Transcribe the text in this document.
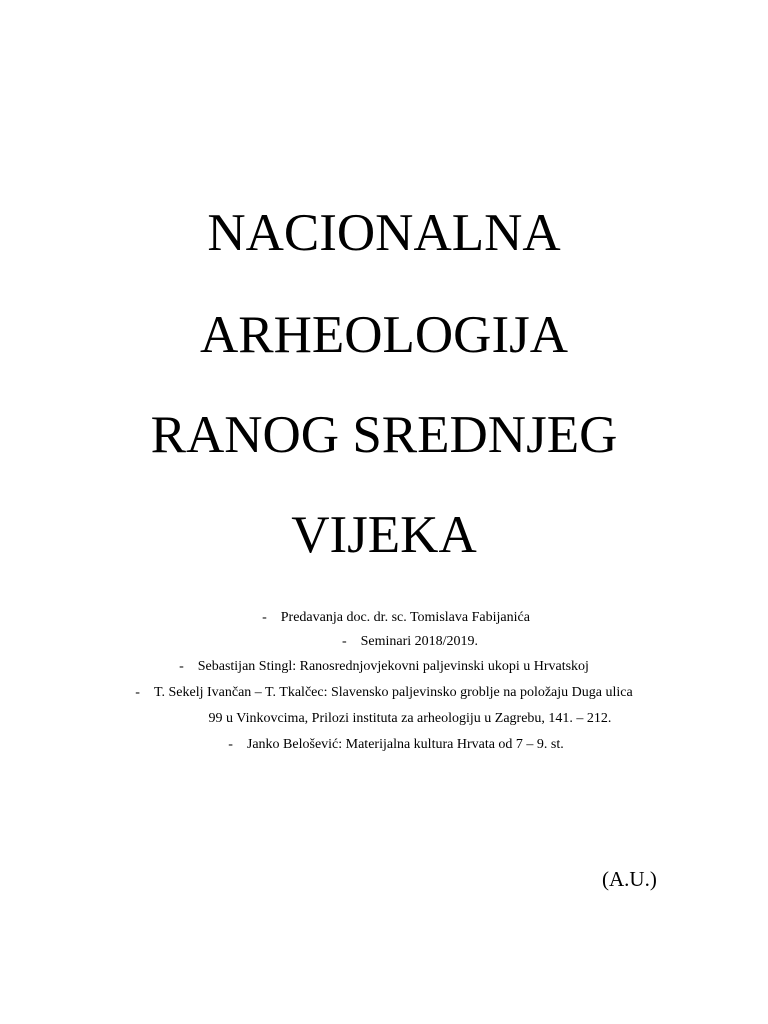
NACIONALNA
ARHEOLOGIJA
RANOG SREDNJEG
VIJEKA
- Predavanja doc. dr. sc. Tomislava Fabijanića
- Seminari 2018/2019.
- Sebastijan Stingl: Ranosrednjovjekovni paljevinski ukopi u Hrvatskoj
- T. Sekelj Ivančan – T. Tkalčec: Slavensko paljevinsko groblje na položaju Duga ulica
99 u Vinkovcima, Prilozi instituta za arheologiju u Zagrebu, 141. – 212.
- Janko Belošević: Materijalna kultura Hrvata od 7 – 9. st.
(A.U.)
